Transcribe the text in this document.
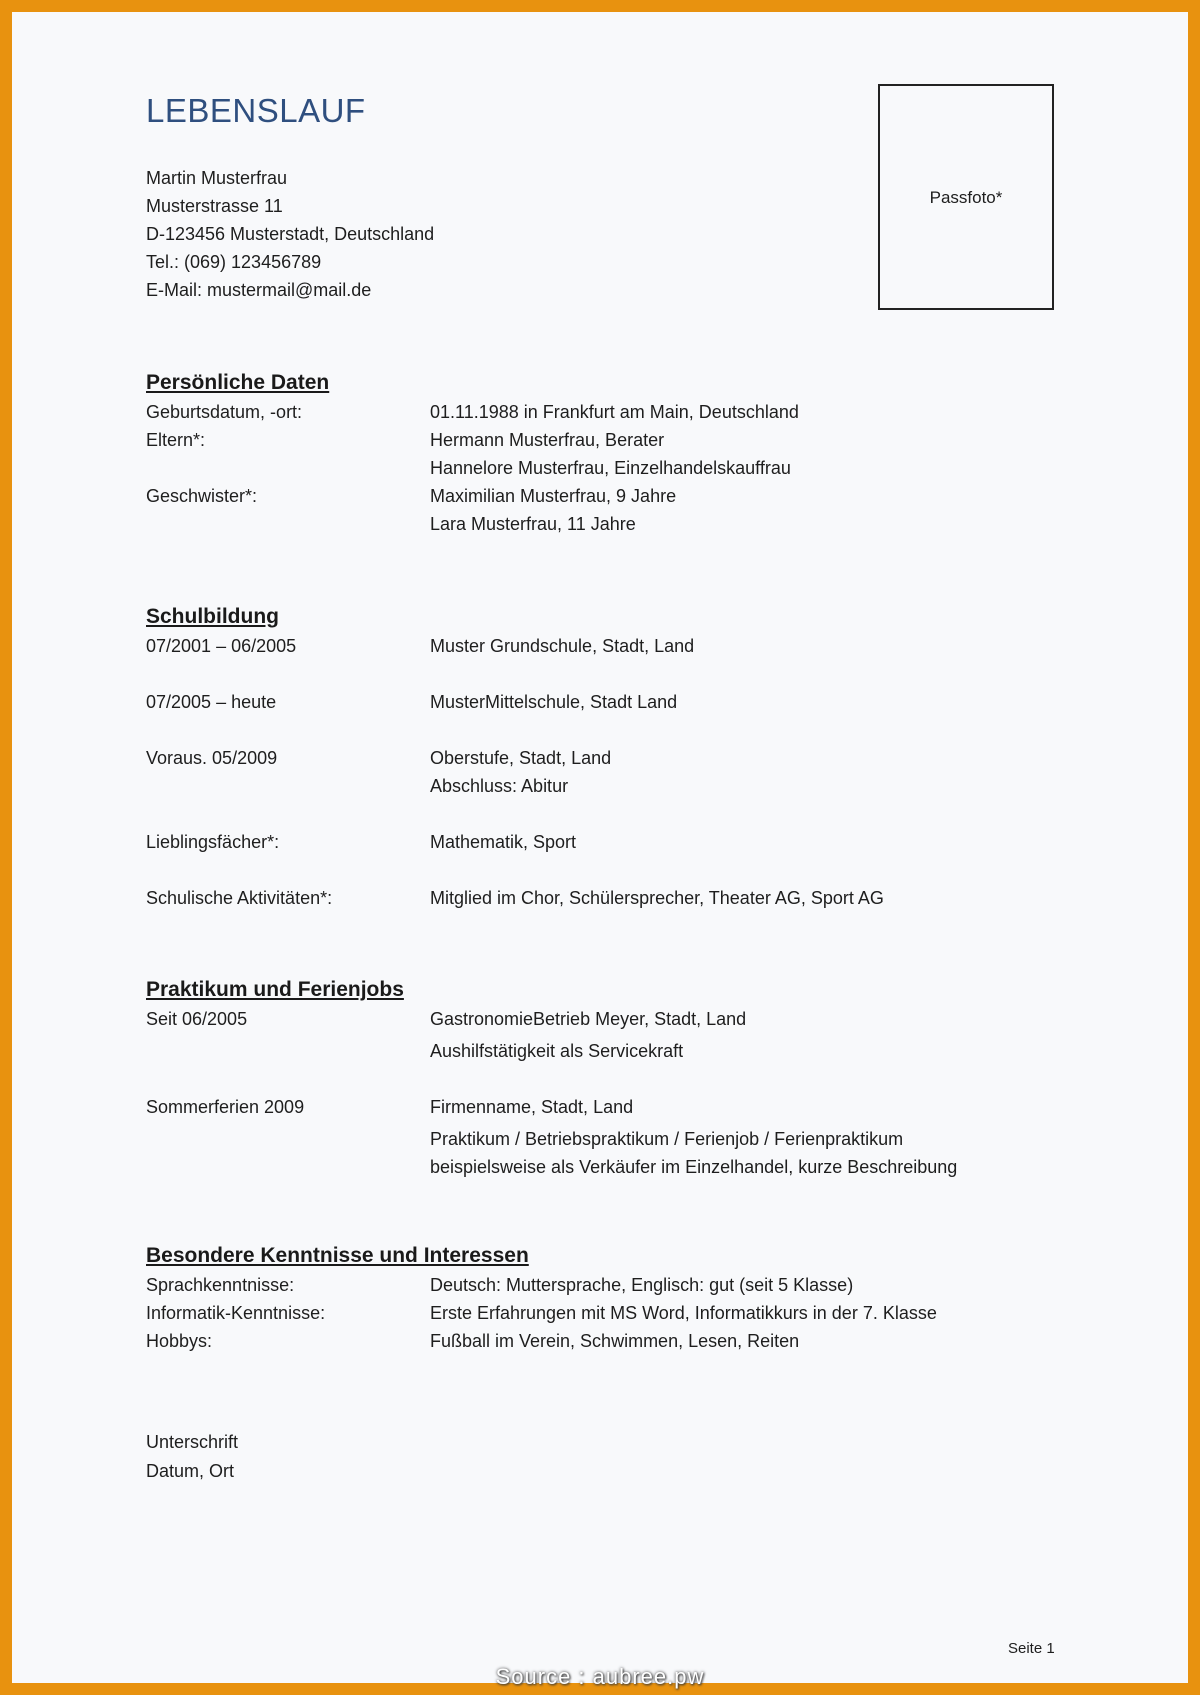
LEBENSLAUF
Martin Musterfrau
Musterstrasse 11
D-123456 Musterstadt, Deutschland
Tel.: (069) 123456789
E-Mail: mustermail@mail.de
Passfoto*
Persönliche Daten
Geburtsdatum, -ort:	01.11.1988 in Frankfurt am Main, Deutschland
Eltern*:	Hermann Musterfrau, Berater
Hannelore Musterfrau, Einzelhandelskauffrau
Geschwister*:	Maximilian Musterfrau, 9 Jahre
Lara Musterfrau, 11 Jahre
Schulbildung
07/2001 – 06/2005	Muster Grundschule, Stadt, Land
07/2005 – heute	MusterMittelschule, Stadt Land
Voraus. 05/2009	Oberstufe, Stadt, Land
Abschluss: Abitur
Lieblingsfächer*:	Mathematik, Sport
Schulische Aktivitäten*:	Mitglied im Chor, Schülersprecher, Theater AG, Sport AG
Praktikum und Ferienjobs
Seit 06/2005	GastronomieBetrieb Meyer, Stadt, Land
Aushilfstätigkeit als Servicekraft
Sommerferien 2009	Firmenname, Stadt, Land
Praktikum / Betriebspraktikum / Ferienjob / Ferienpraktikum
beispielsweise als Verkäufer im Einzelhandel, kurze Beschreibung
Besondere Kenntnisse und Interessen
Sprachkenntnisse:	Deutsch: Muttersprache, Englisch: gut (seit 5 Klasse)
Informatik-Kenntnisse:	Erste Erfahrungen mit MS Word, Informatikkurs in der 7. Klasse
Hobbys:	Fußball im Verein, Schwimmen, Lesen, Reiten
Unterschrift
Datum, Ort
Seite 1
Source : aubree.pw
